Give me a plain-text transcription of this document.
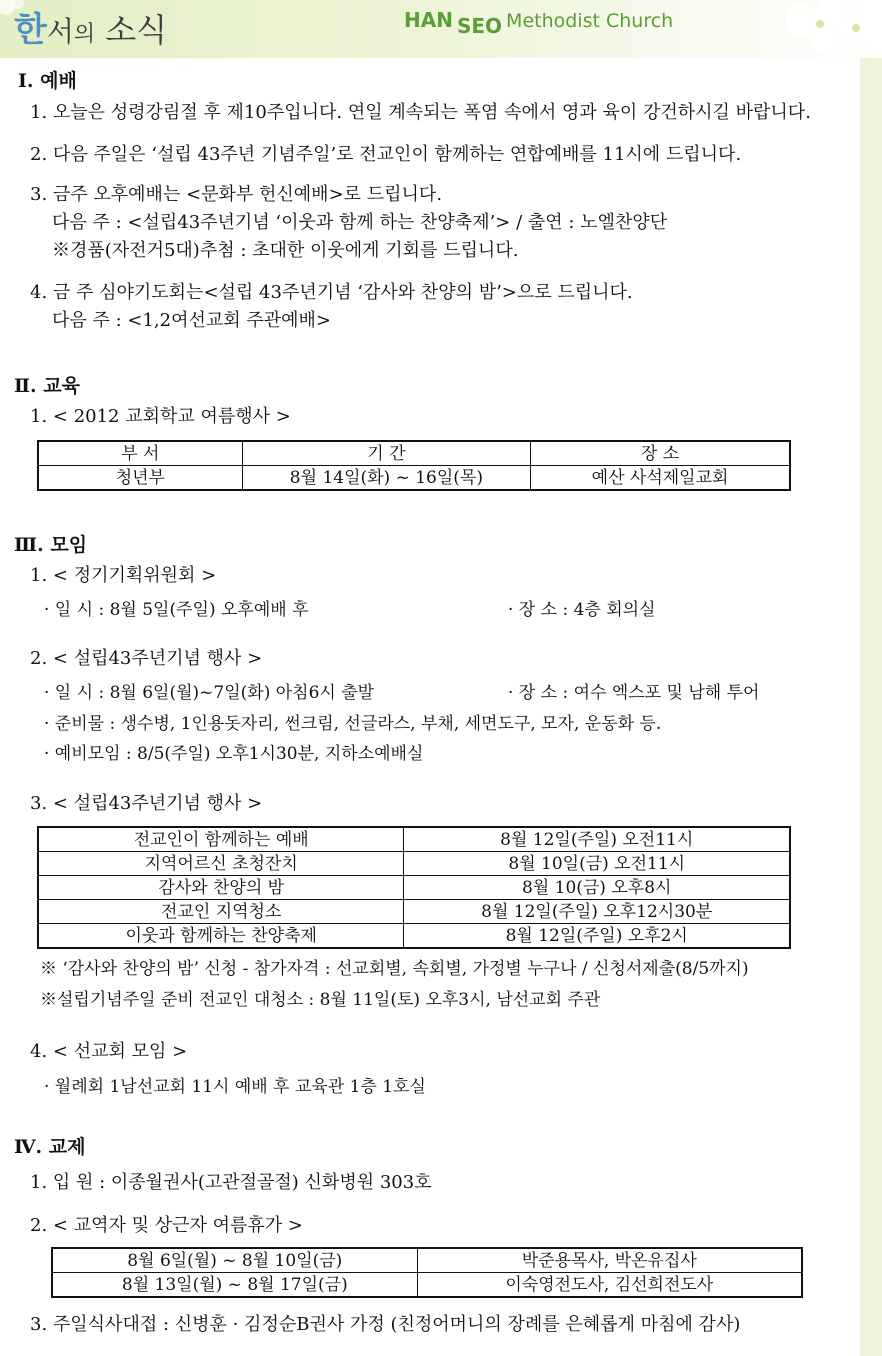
한서의 소식	HAN SEO Methodist Church
Ⅰ. 예배
1. 오늘은 성령강림절 후 제10주입니다. 연일 계속되는 폭염 속에서 영과 육이 강건하시길 바랍니다.
2. 다음 주일은 ‘설립 43주년 기념주일’로 전교인이 함께하는 연합예배를 11시에 드립니다.
3. 금주 오후예배는 <문화부 헌신예배>로 드립니다.
다음 주 : <설립43주년기념 ‘이웃과 함께 하는 찬양축제’> / 출연 : 노엘찬양단
※경품(자전거5대)추첨 : 초대한 이웃에게 기회를 드립니다.
4. 금 주 심야기도회는<설립 43주년기념 ‘감사와 찬양의 밤’>으로 드립니다.
다음 주 : <1,2여선교회 주관예배>
Ⅱ. 교육
1. < 2012 교회학교 여름행사 >
부 서	기 간	장 소
청년부	8월 14일(화) ~ 16일(목)	예산 사석제일교회
Ⅲ. 모임
1. < 정기기획위원회 >
· 일 시 : 8월 5일(주일) 오후예배 후	· 장 소 : 4층 회의실
2. < 설립43주년기념 행사 >
· 일 시 : 8월 6일(월)~7일(화) 아침6시 출발	· 장 소 : 여수 엑스포 및 남해 투어
· 준비물 : 생수병, 1인용돗자리, 썬크림, 선글라스, 부채, 세면도구, 모자, 운동화 등.
· 예비모임 : 8/5(주일) 오후1시30분, 지하소예배실
3. < 설립43주년기념 행사 >
전교인이 함께하는 예배	8월 12일(주일) 오전11시
지역어르신 초청잔치	8월 10일(금) 오전11시
감사와 찬양의 밤	8월 10(금) 오후8시
전교인 지역청소	8월 12일(주일) 오후12시30분
이웃과 함께하는 찬양축제	8월 12일(주일) 오후2시
※ ‘감사와 찬양의 밤’ 신청 - 참가자격 : 선교회별, 속회별, 가정별 누구나 / 신청서제출(8/5까지)
※설립기념주일 준비 전교인 대청소 : 8월 11일(토) 오후3시, 남선교회 주관
4. < 선교회 모임 >
· 월례회 1남선교회 11시 예배 후 교육관 1층 1호실
Ⅳ. 교제
1. 입 원 : 이종월권사(고관절골절) 신화병원 303호
2. < 교역자 및 상근자 여름휴가 >
8월 6일(월) ~ 8월 10일(금)	박준용목사, 박온유집사
8월 13일(월) ~ 8월 17일(금)	이숙영전도사, 김선희전도사
3. 주일식사대접 : 신병훈 · 김정순B권사 가정 (친정어머니의 장례를 은혜롭게 마침에 감사)
